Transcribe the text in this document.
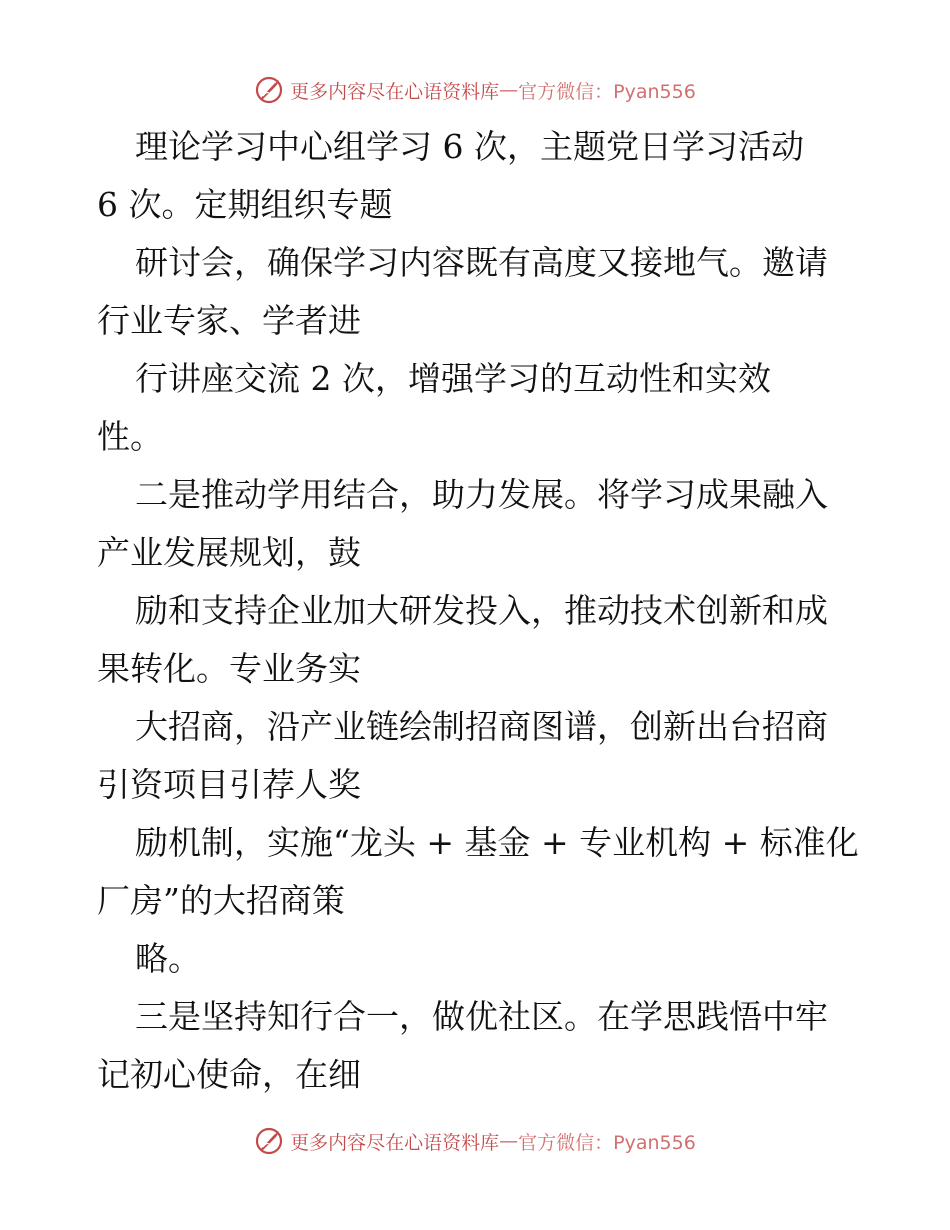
更多内容尽在心语资料库 — 官方微信：Pyan556
理论学习中心组学习 6 次，主题党日学习活动
6 次。定期组织专题
研讨会，确保学习内容既有高度又接地气。邀请
行业专家、学者进
行讲座交流 2 次，增强学习的互动性和实效
性。
二是推动学用结合，助力发展。将学习成果融入
产业发展规划，鼓
励和支持企业加大研发投入，推动技术创新和成
果转化。专业务实
大招商，沿产业链绘制招商图谱，创新出台招商
引资项目引荐人奖
励机制，实施“龙头 + 基金 + 专业机构 + 标准化
厂房”的大招商策
略。
三是坚持知行合一，做优社区。在学思践悟中牢
记初心使命，在细
更多内容尽在心语资料库 — 官方微信：Pyan556
